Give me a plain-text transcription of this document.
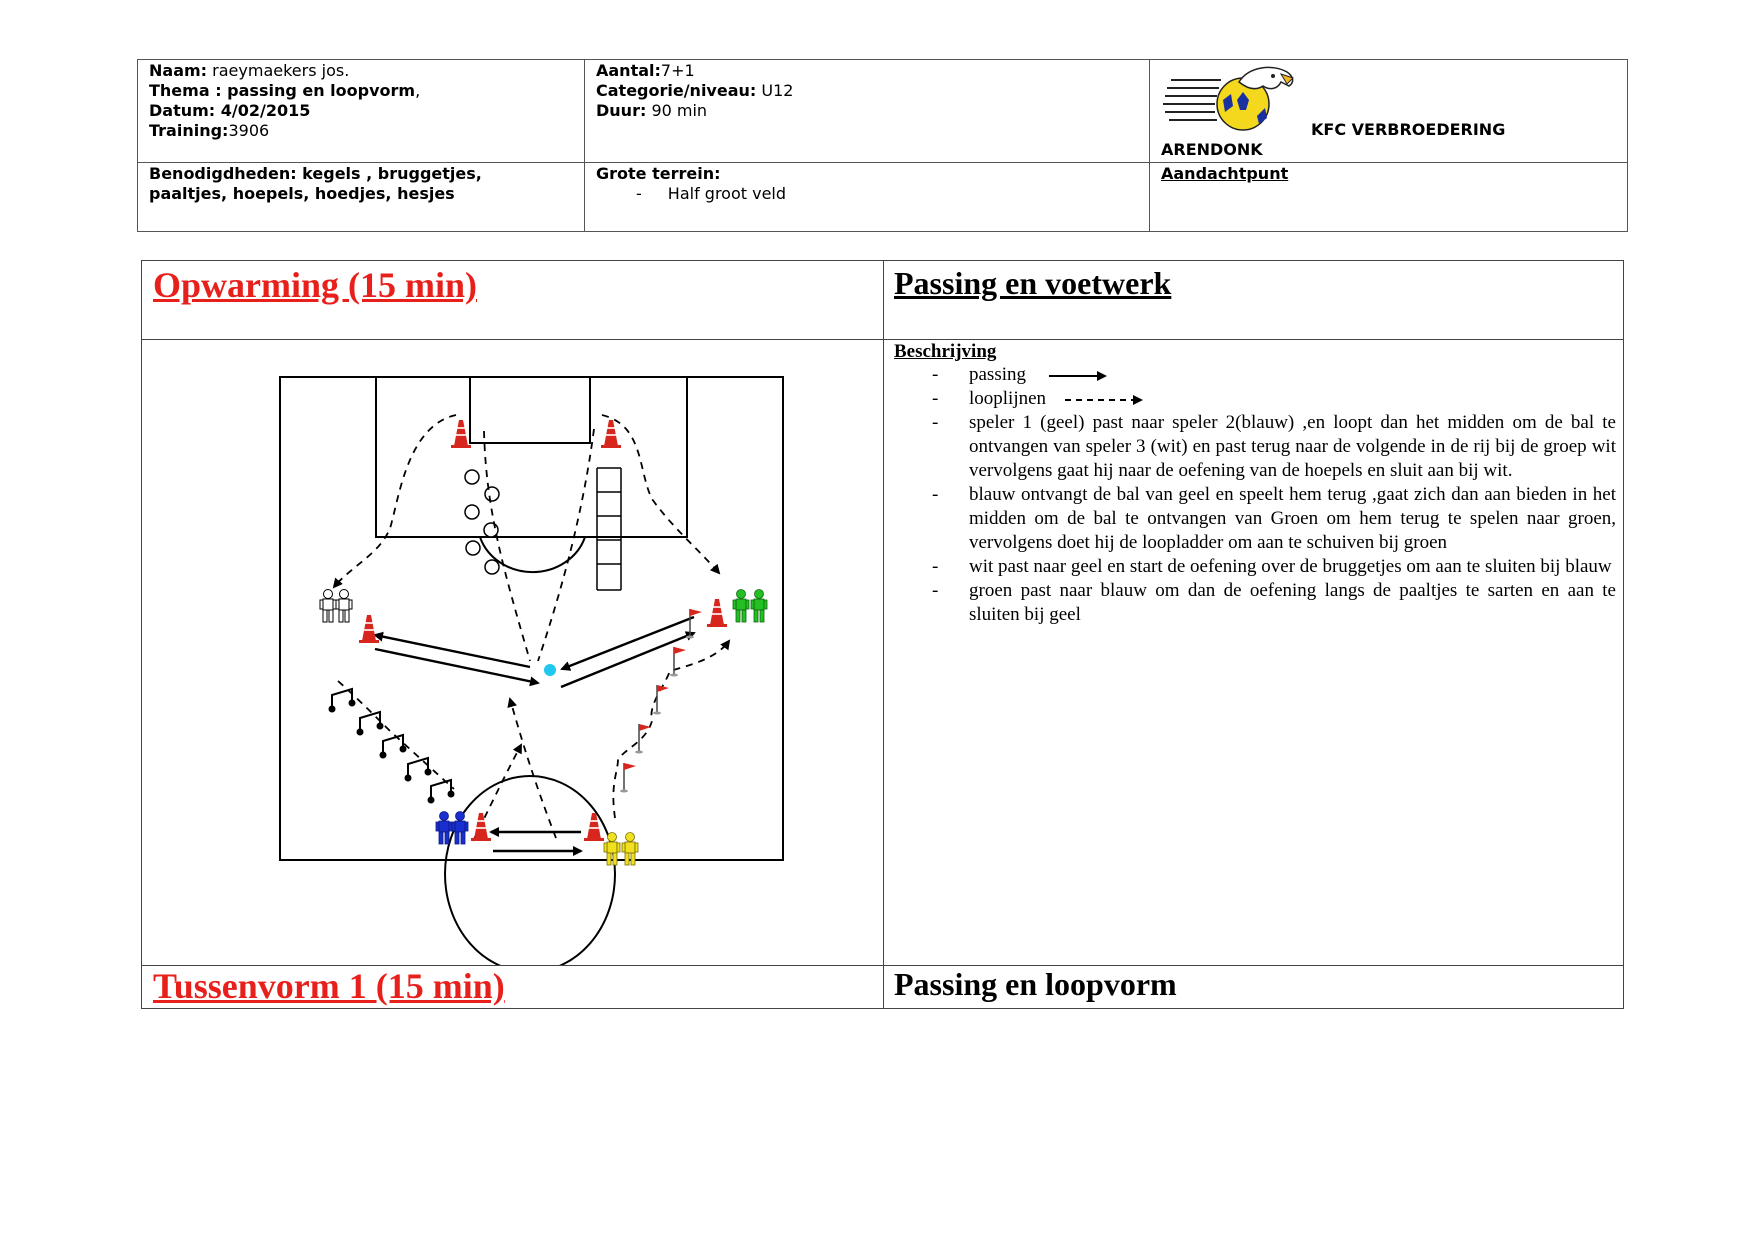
Naam: raeymaekers jos.
Thema : passing en loopvorm,
Datum: 4/02/2015
Training:3906
Aantal:7+1
Categorie/niveau: U12
Duur: 90 min
KFC VERBROEDERING
ARENDONK
Benodigdheden: kegels , bruggetjes,
paaltjes, hoepels, hoedjes, hesjes
Grote terrein:
- Half groot veld
Aandachtpunt
Opwarming (15 min)	Passing en voetwerk
Beschrijving
- passing
- looplijnen
- speler 1 (geel) past naar speler 2(blauw) ,en loopt dan het midden om de bal te ontvangen van speler 3 (wit) en past terug naar de volgende in de rij bij de groep wit vervolgens gaat hij naar de oefening van de hoepels en sluit aan bij wit.
- blauw ontvangt de bal van geel en speelt hem terug ,gaat zich dan aan bieden in het midden om de bal te ontvangen van Groen om hem terug te spelen naar groen, vervolgens doet hij de loopladder om aan te schuiven bij groen
- wit past naar geel en start de oefening over de bruggetjes om aan te sluiten bij blauw
- groen past naar blauw om dan de oefening langs de paaltjes te sarten en aan te sluiten bij geel
Tussenvorm 1 (15 min)	Passing en loopvorm
